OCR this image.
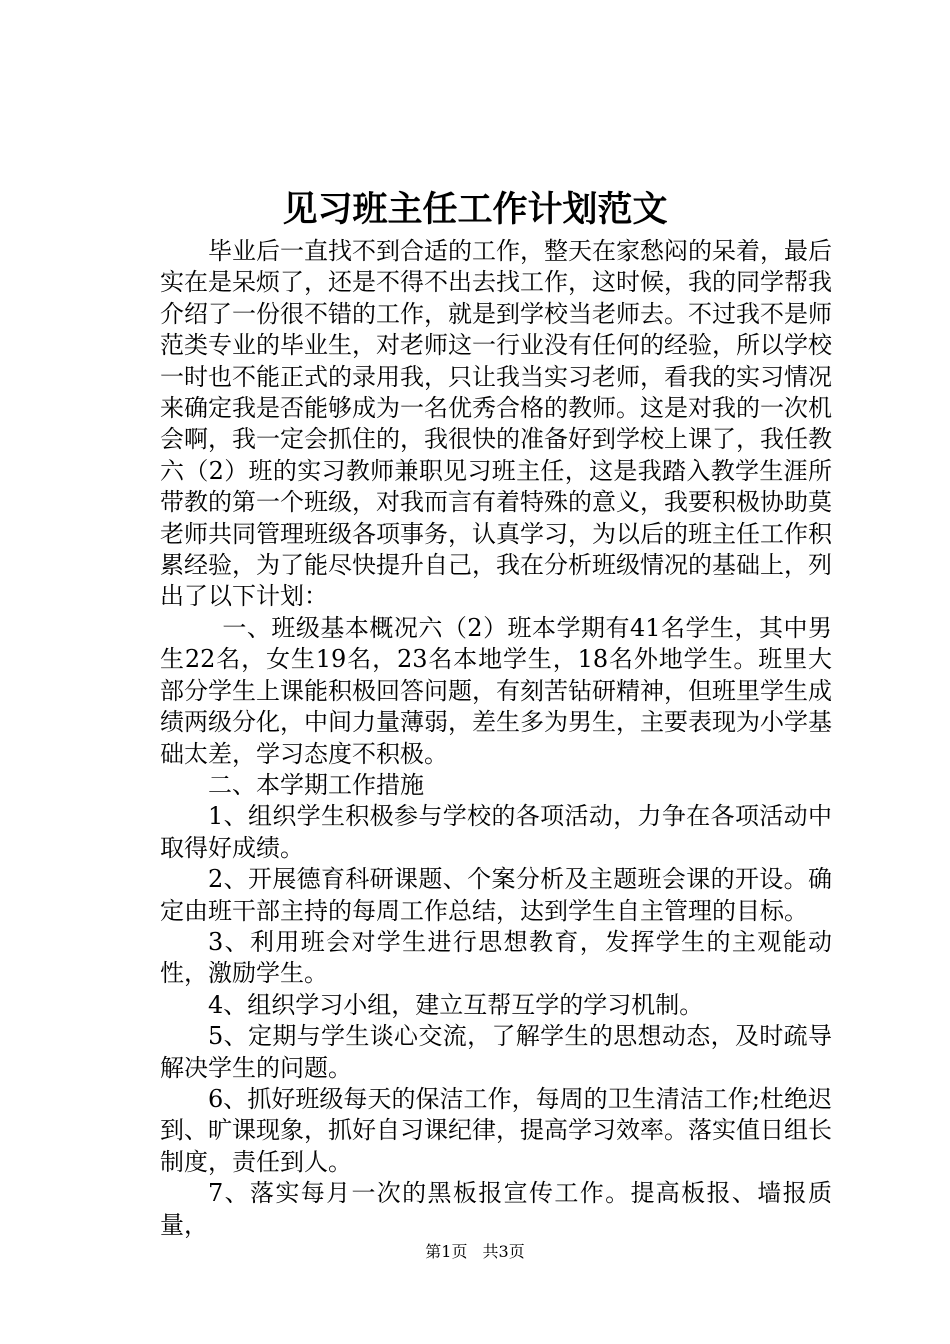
见习班主任工作计划范文

毕业后一直找不到合适的工作，整天在家愁闷的呆着，最后实在是呆烦了，还是不得不出去找工作，这时候，我的同学帮我介绍了一份很不错的工作，就是到学校当老师去。不过我不是师范类专业的毕业生，对老师这一行业没有任何的经验，所以学校一时也不能正式的录用我，只让我当实习老师，看我的实习情况来确定我是否能够成为一名优秀合格的教师。这是对我的一次机会啊，我一定会抓住的，我很快的准备好到学校上课了，我任教六（2）班的实习教师兼职见习班主任，这是我踏入教学生涯所带教的第一个班级，对我而言有着特殊的意义，我要积极协助莫老师共同管理班级各项事务，认真学习，为以后的班主任工作积累经验，为了能尽快提升自己，我在分析班级情况的基础上，列出了以下计划：

一、班级基本概况六（2）班本学期有41名学生，其中男生22名，女生19名，23名本地学生，18名外地学生。班里大部分学生上课能积极回答问题，有刻苦钻研精神，但班里学生成绩两级分化，中间力量薄弱，差生多为男生，主要表现为小学基础太差，学习态度不积极。

二、本学期工作措施

1、组织学生积极参与学校的各项活动，力争在各项活动中取得好成绩。

2、开展德育科研课题、个案分析及主题班会课的开设。确定由班干部主持的每周工作总结，达到学生自主管理的目标。

3、利用班会对学生进行思想教育，发挥学生的主观能动性，激励学生。

4、组织学习小组，建立互帮互学的学习机制。

5、定期与学生谈心交流，了解学生的思想动态，及时疏导解决学生的问题。

6、抓好班级每天的保洁工作，每周的卫生清洁工作;杜绝迟到、旷课现象，抓好自习课纪律，提高学习效率。落实值日组长制度，责任到人。

7、落实每月一次的黑板报宣传工作。提高板报、墙报质量，

第1页 共3页
